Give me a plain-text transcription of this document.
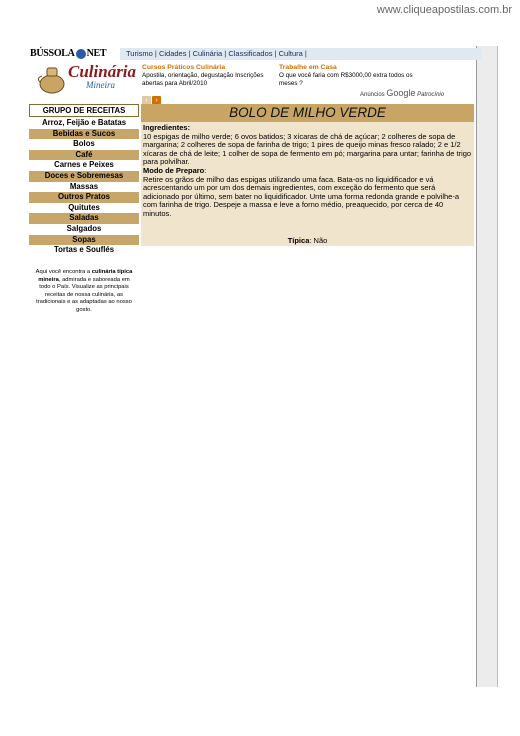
www.cliqueapostilas.com.br
BÚSSOLA NET
Culinária
Mineira
Turismo | Cidades | Culinária | Classificados | Cultura |
Cursos Práticos Culinária
Apostila, orientação, degustação Inscrições abertas para Abril/2010
Trabalhe em Casa
O que você faria com R$3000,00 extra todos os meses ?
‹ ›
Anúncios Google Patrocínio
GRUPO DE RECEITAS
Arroz, Feijão e Batatas
Bebidas e Sucos
Bolos
Café
Carnes e Peixes
Doces e Sobremesas
Massas
Outros Pratos
Quitutes
Saladas
Salgados
Sopas
Tortas e Souflés
Aqui você encontra a culinária típica mineira, admirada e saboreada em todo o País. Visualize as principais receitas de nossa culinária, as tradicionais e as adaptadas ao nosso gosto.
BOLO DE MILHO VERDE
Ingredientes:
10 espigas de milho verde; 6 ovos batidos; 3 xícaras de chá de açúcar; 2 colheres de sopa de margarina; 2 colheres de sopa de farinha de trigo; 1 pires de queijo minas fresco ralado; 2 e 1/2 xícaras de chá de leite; 1 colher de sopa de fermento em pó; margarina para untar; farinha de trigo para polvilhar.
Modo de Preparo:
Retire os grãos de milho das espigas utilizando uma faca. Bata-os no liquidificador e vá acrescentando um por um dos demais ingredientes, com exceção do fermento que será adicionado por último, sem bater no liquidificador. Unte uma forma redonda grande e polvilhe-a com farinha de trigo. Despeje a massa e leve a forno médio, preaquecido, por cerca de 40 minutos.
Típica: Não
